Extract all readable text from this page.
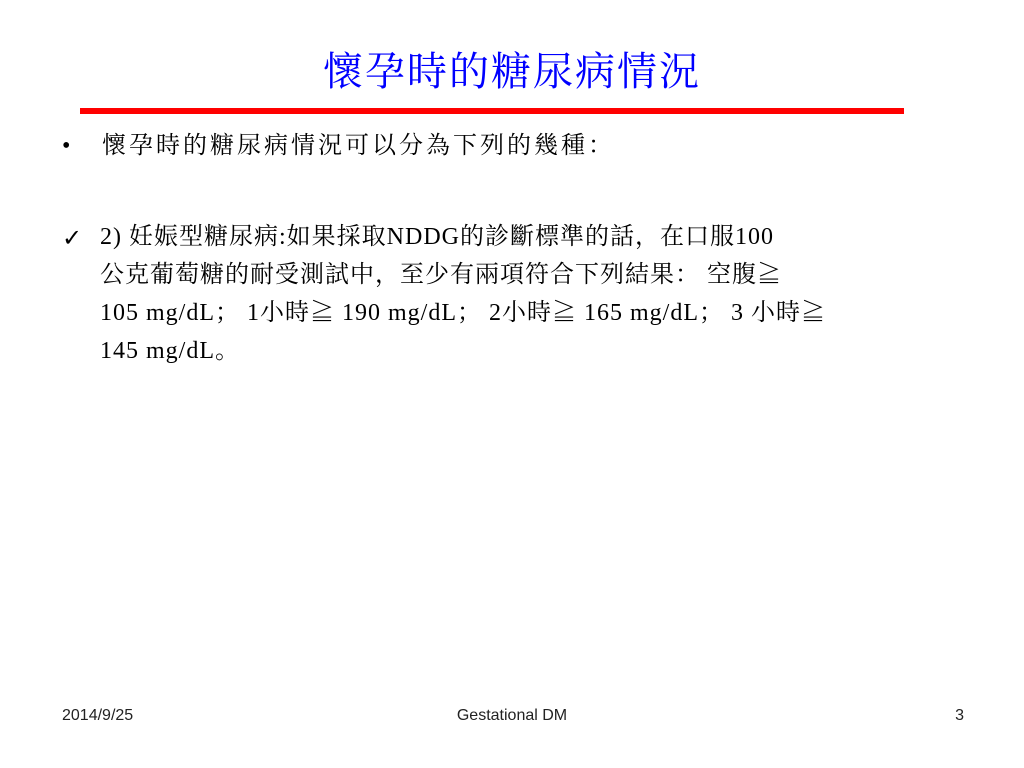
懷孕時的糖尿病情況
•	懷孕時的糖尿病情況可以分為下列的幾種：
✓ 2) 妊娠型糖尿病:如果採取NDDG的診斷標準的話，在口服100
公克葡萄糖的耐受測試中，至少有兩項符合下列結果： 空腹≧
105 mg/dL； 1小時≧ 190 mg/dL； 2小時≧ 165 mg/dL； 3 小時≧
145 mg/dL。
2014/9/25	Gestational DM	3
